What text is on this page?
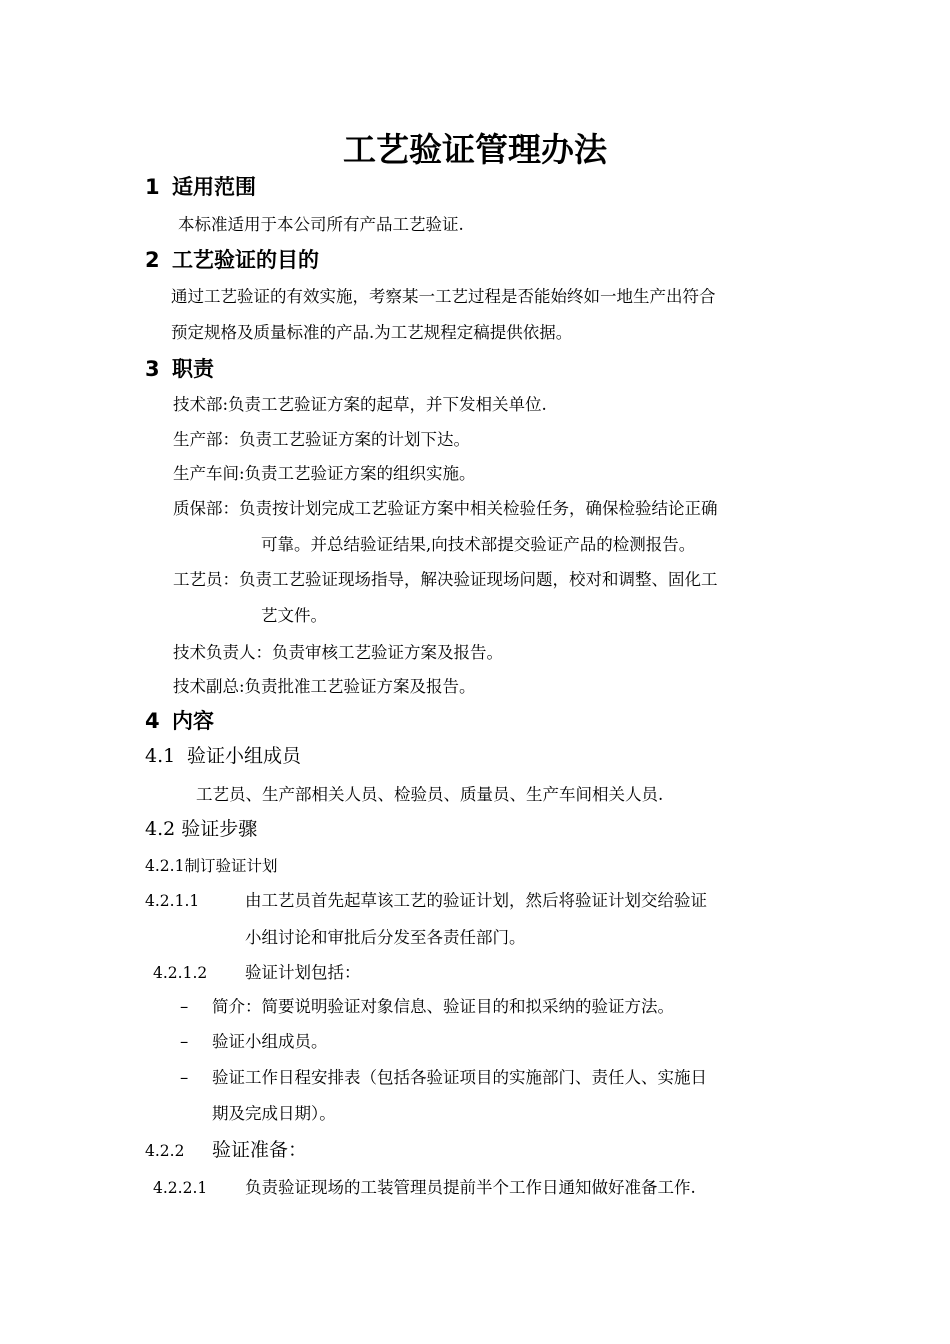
工艺验证管理办法
1 适用范围
本标准适用于本公司所有产品工艺验证.
2 工艺验证的目的
通过工艺验证的有效实施，考察某一工艺过程是否能始终如一地生产出符合
预定规格及质量标准的产品.为工艺规程定稿提供依据。
3 职责
技术部:负责工艺验证方案的起草，并下发相关单位.
生产部：负责工艺验证方案的计划下达。
生产车间:负责工艺验证方案的组织实施。
质保部：负责按计划完成工艺验证方案中相关检验任务，确保检验结论正确
可靠。并总结验证结果,向技术部提交验证产品的检测报告。
工艺员：负责工艺验证现场指导，解决验证现场问题，校对和调整、固化工
艺文件。
技术负责人：负责审核工艺验证方案及报告。
技术副总:负责批准工艺验证方案及报告。
4 内容
4.1 验证小组成员
工艺员、生产部相关人员、检验员、质量员、生产车间相关人员.
4.2 验证步骤
4.2.1制订验证计划
4.2.1.1	由工艺员首先起草该工艺的验证计划，然后将验证计划交给验证
小组讨论和审批后分发至各责任部门。
4.2.1.2 验证计划包括：
– 简介：简要说明验证对象信息、验证目的和拟采纳的验证方法。
– 验证小组成员。
– 验证工作日程安排表（包括各验证项目的实施部门、责任人、实施日
期及完成日期）。
4.2.2 验证准备：
4.2.2.1 负责验证现场的工装管理员提前半个工作日通知做好准备工作.
